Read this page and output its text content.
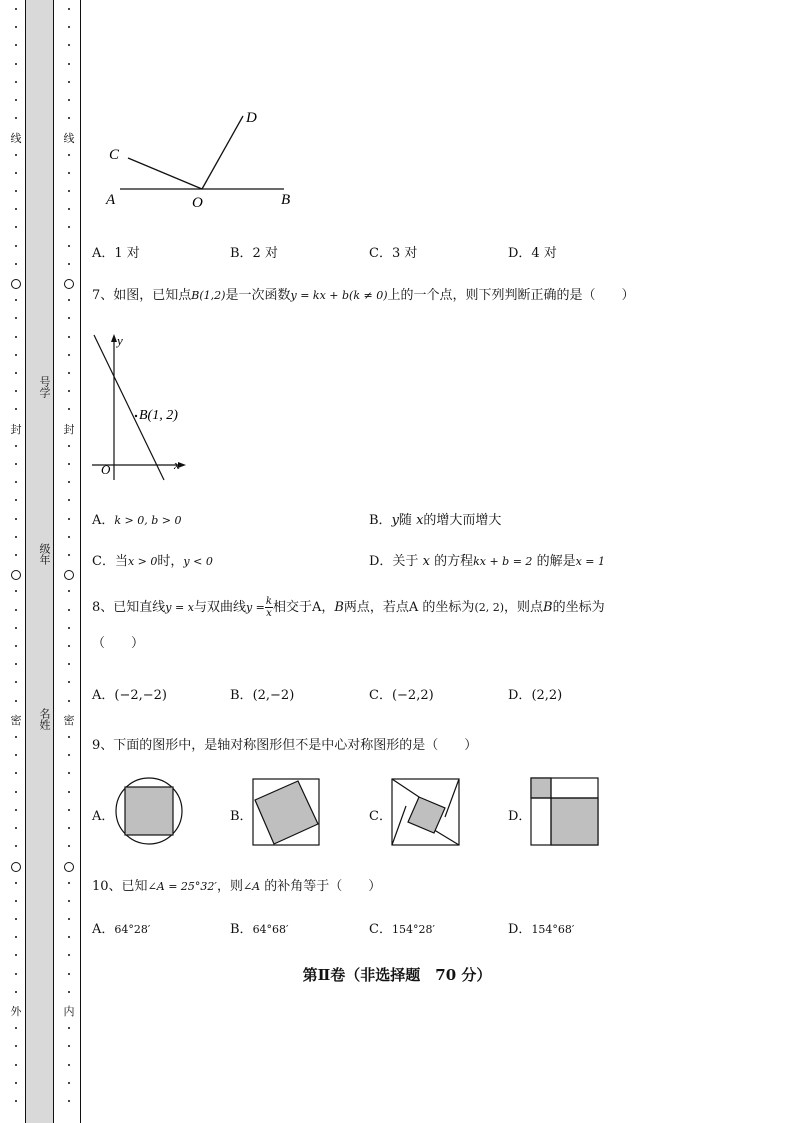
线
封
密
外
线
封
密
内
号学
级年
名姓
A	O	B
C
D
A．1 对	B．2 对	C．3 对	D．4 对
7、如图，已知点B(1,2)是一次函数y = kx + b(k ≠ 0)上的一个点，则下列判断正确的是（　　）
y
x
O
B(1, 2)
A．k > 0, b > 0	B．y随 x的增大而增大
C．当x > 0时，y < 0	D．关于 x 的方程kx + b = 2 的解是x = 1
8、已知直线y = x与双曲线$y = \frac{k}{x}$ 相交于A，B两点，若点A 的坐标为(2, 2)，则点B的坐标为
（　　）
A．(−2,−2)	B．(2,−2)	C．(−2,2)	D．(2,2)
9、下面的图形中，是轴对称图形但不是中心对称图形的是（　　）
A．	B．	C．	D．
10、已知∠A = 25°32′，则∠A 的补角等于（　　）
A．64°28′	B．64°68′	C．154°28′	D．154°68′
第Ⅱ卷（非选择题　70 分）
